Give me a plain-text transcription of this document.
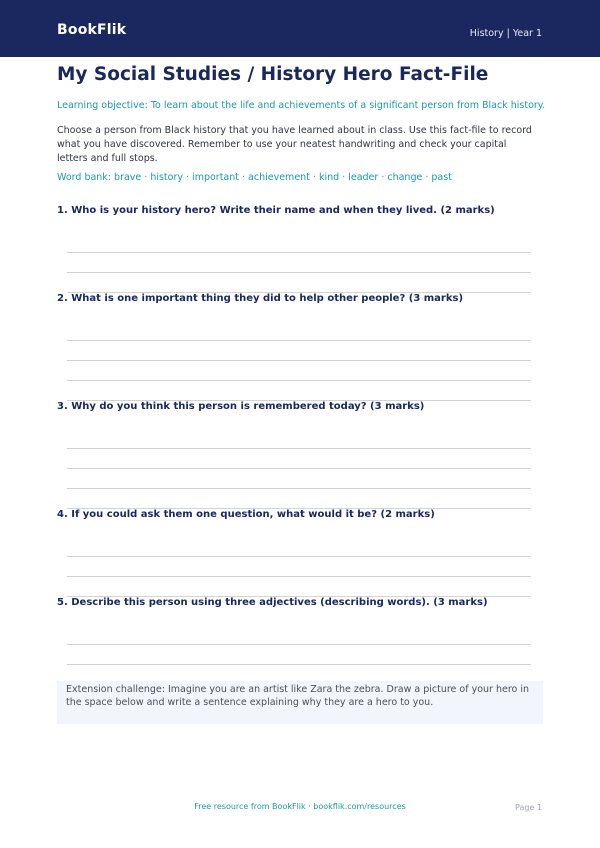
BookFlik	History | Year 1
My Social Studies / History Hero Fact-File
Learning objective: To learn about the life and achievements of a significant person from Black history.
Choose a person from Black history that you have learned about in class. Use this fact-file to record what you have discovered. Remember to use your neatest handwriting and check your capital letters and full stops.
Word bank: brave · history · important · achievement · kind · leader · change · past
1. Who is your history hero? Write their name and when they lived. (2 marks)
2. What is one important thing they did to help other people? (3 marks)
3. Why do you think this person is remembered today? (3 marks)
4. If you could ask them one question, what would it be? (2 marks)
5. Describe this person using three adjectives (describing words). (3 marks)
Extension challenge: Imagine you are an artist like Zara the zebra. Draw a picture of your hero in the space below and write a sentence explaining why they are a hero to you.
Free resource from BookFlik · bookflik.com/resources	Page 1
